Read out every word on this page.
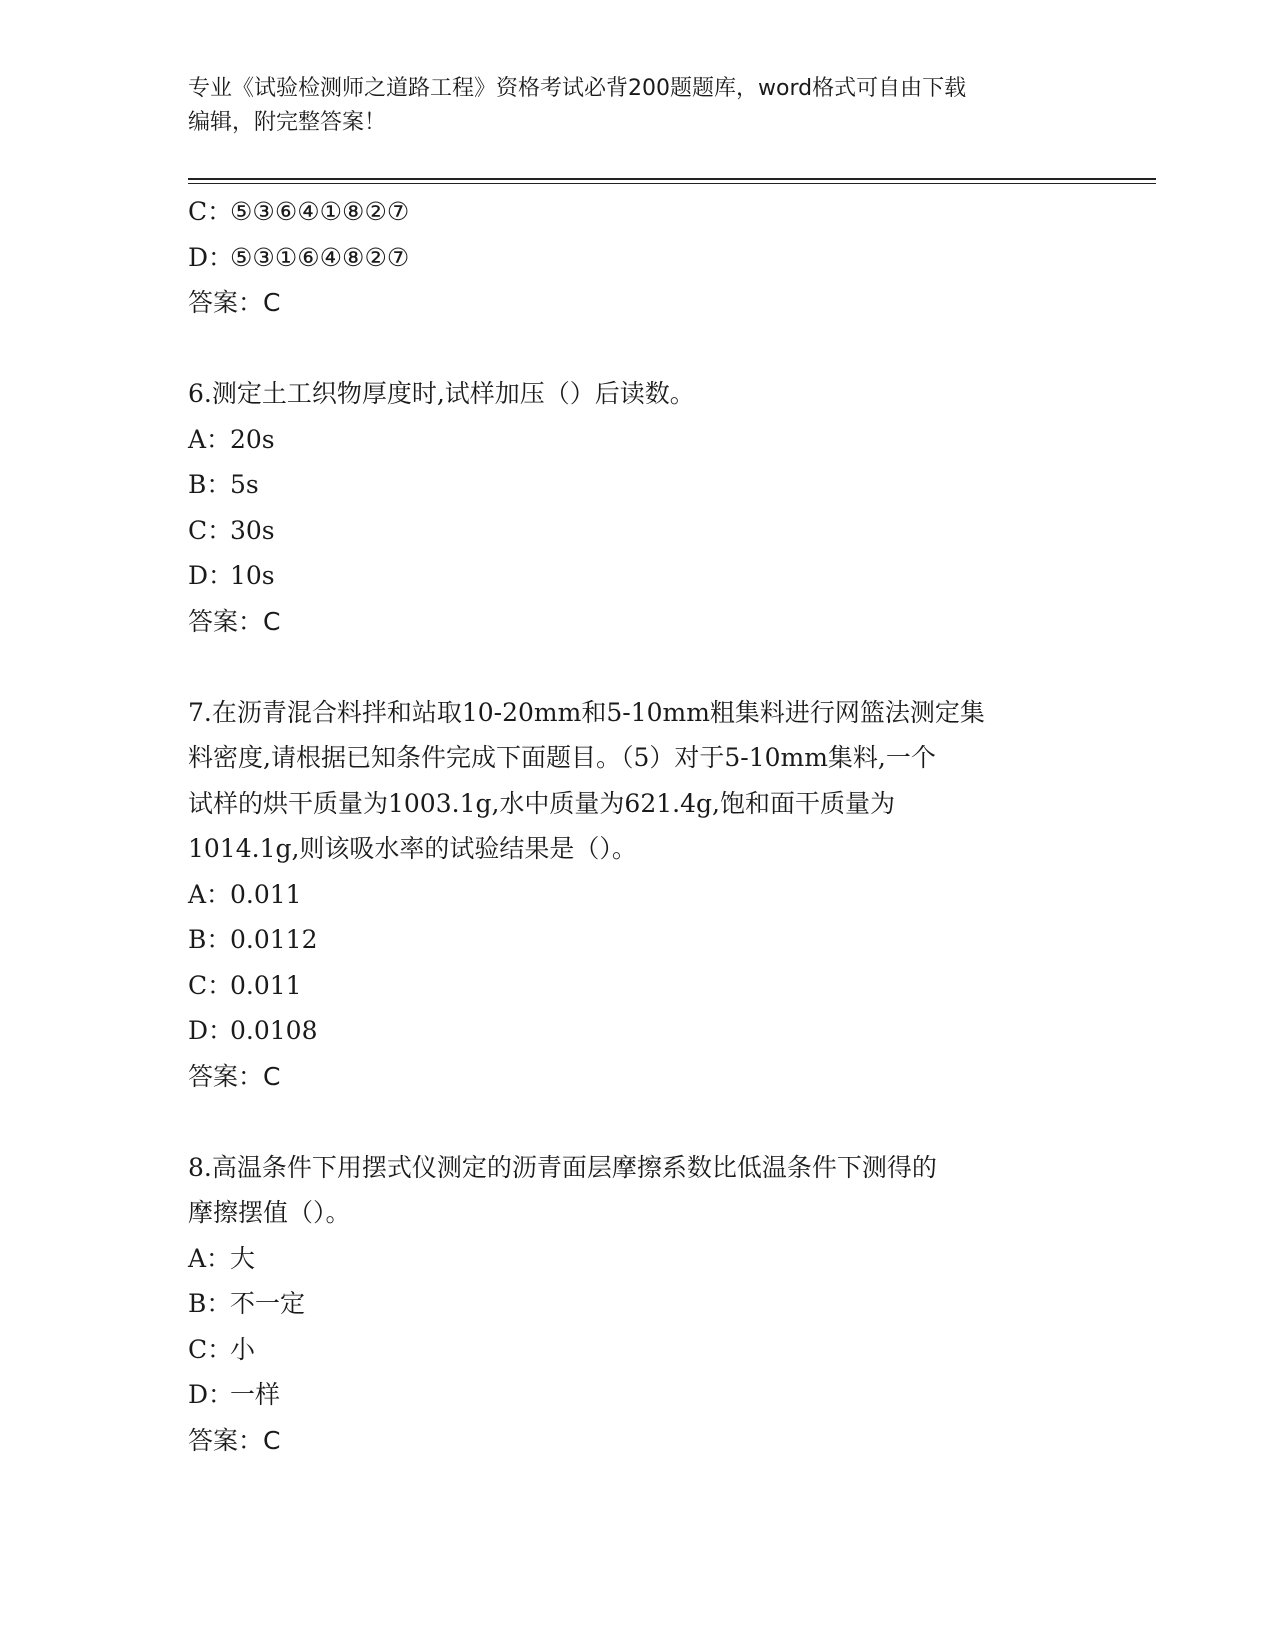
专业《试验检测师之道路工程》资格考试必背200题题库，word格式可自由下载
编辑，附完整答案！
C：⑤③⑥④①⑧②⑦
D：⑤③①⑥④⑧②⑦
答案：C
6.测定土工织物厚度时,试样加压（）后读数。
A：20s
B：5s
C：30s
D：10s
答案：C
7.在沥青混合料拌和站取10-20mm和5-10mm粗集料进行网篮法测定集
料密度,请根据已知条件完成下面题目。（5）对于5-10mm集料,一个
试样的烘干质量为1003.1g,水中质量为621.4g,饱和面干质量为
1014.1g,则该吸水率的试验结果是（）。
A：0.011
B：0.0112
C：0.011
D：0.0108
答案：C
8.高温条件下用摆式仪测定的沥青面层摩擦系数比低温条件下测得的
摩擦摆值（）。
A：大
B：不一定
C：小
D：一样
答案：C
